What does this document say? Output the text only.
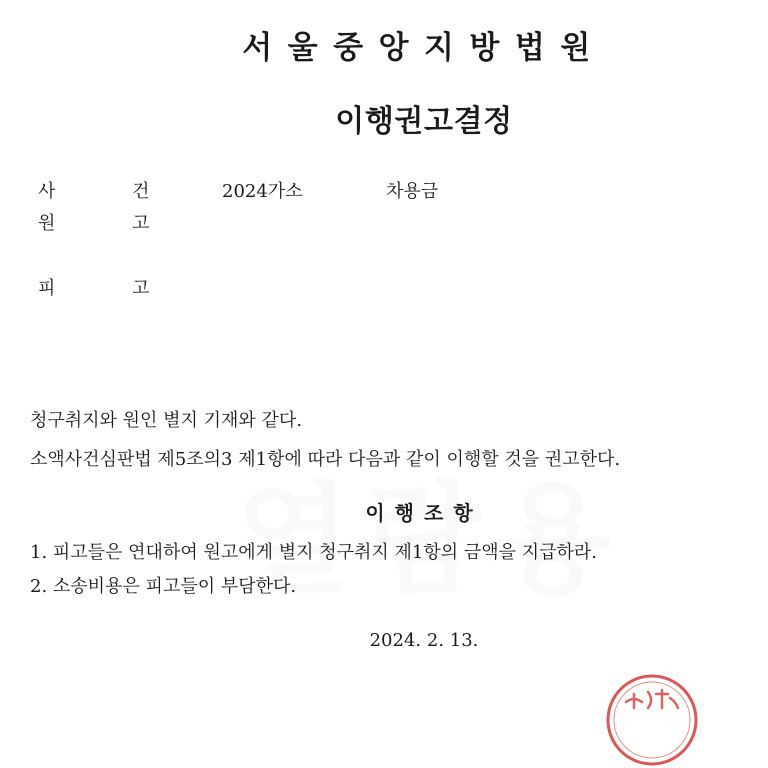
서울중앙지방법원
이행권고결정
사	건	2024가소	차용금
원	고
피	고
청구취지와 원인 별지 기재와 같다.
소액사건심판법 제5조의3 제1항에 따라 다음과 같이 이행할 것을 권고한다.
이행조항
1. 피고들은 연대하여 원고에게 별지 청구취지 제1항의 금액을 지급하라.
2. 소송비용은 피고들이 부담한다.
2024. 2. 13.
